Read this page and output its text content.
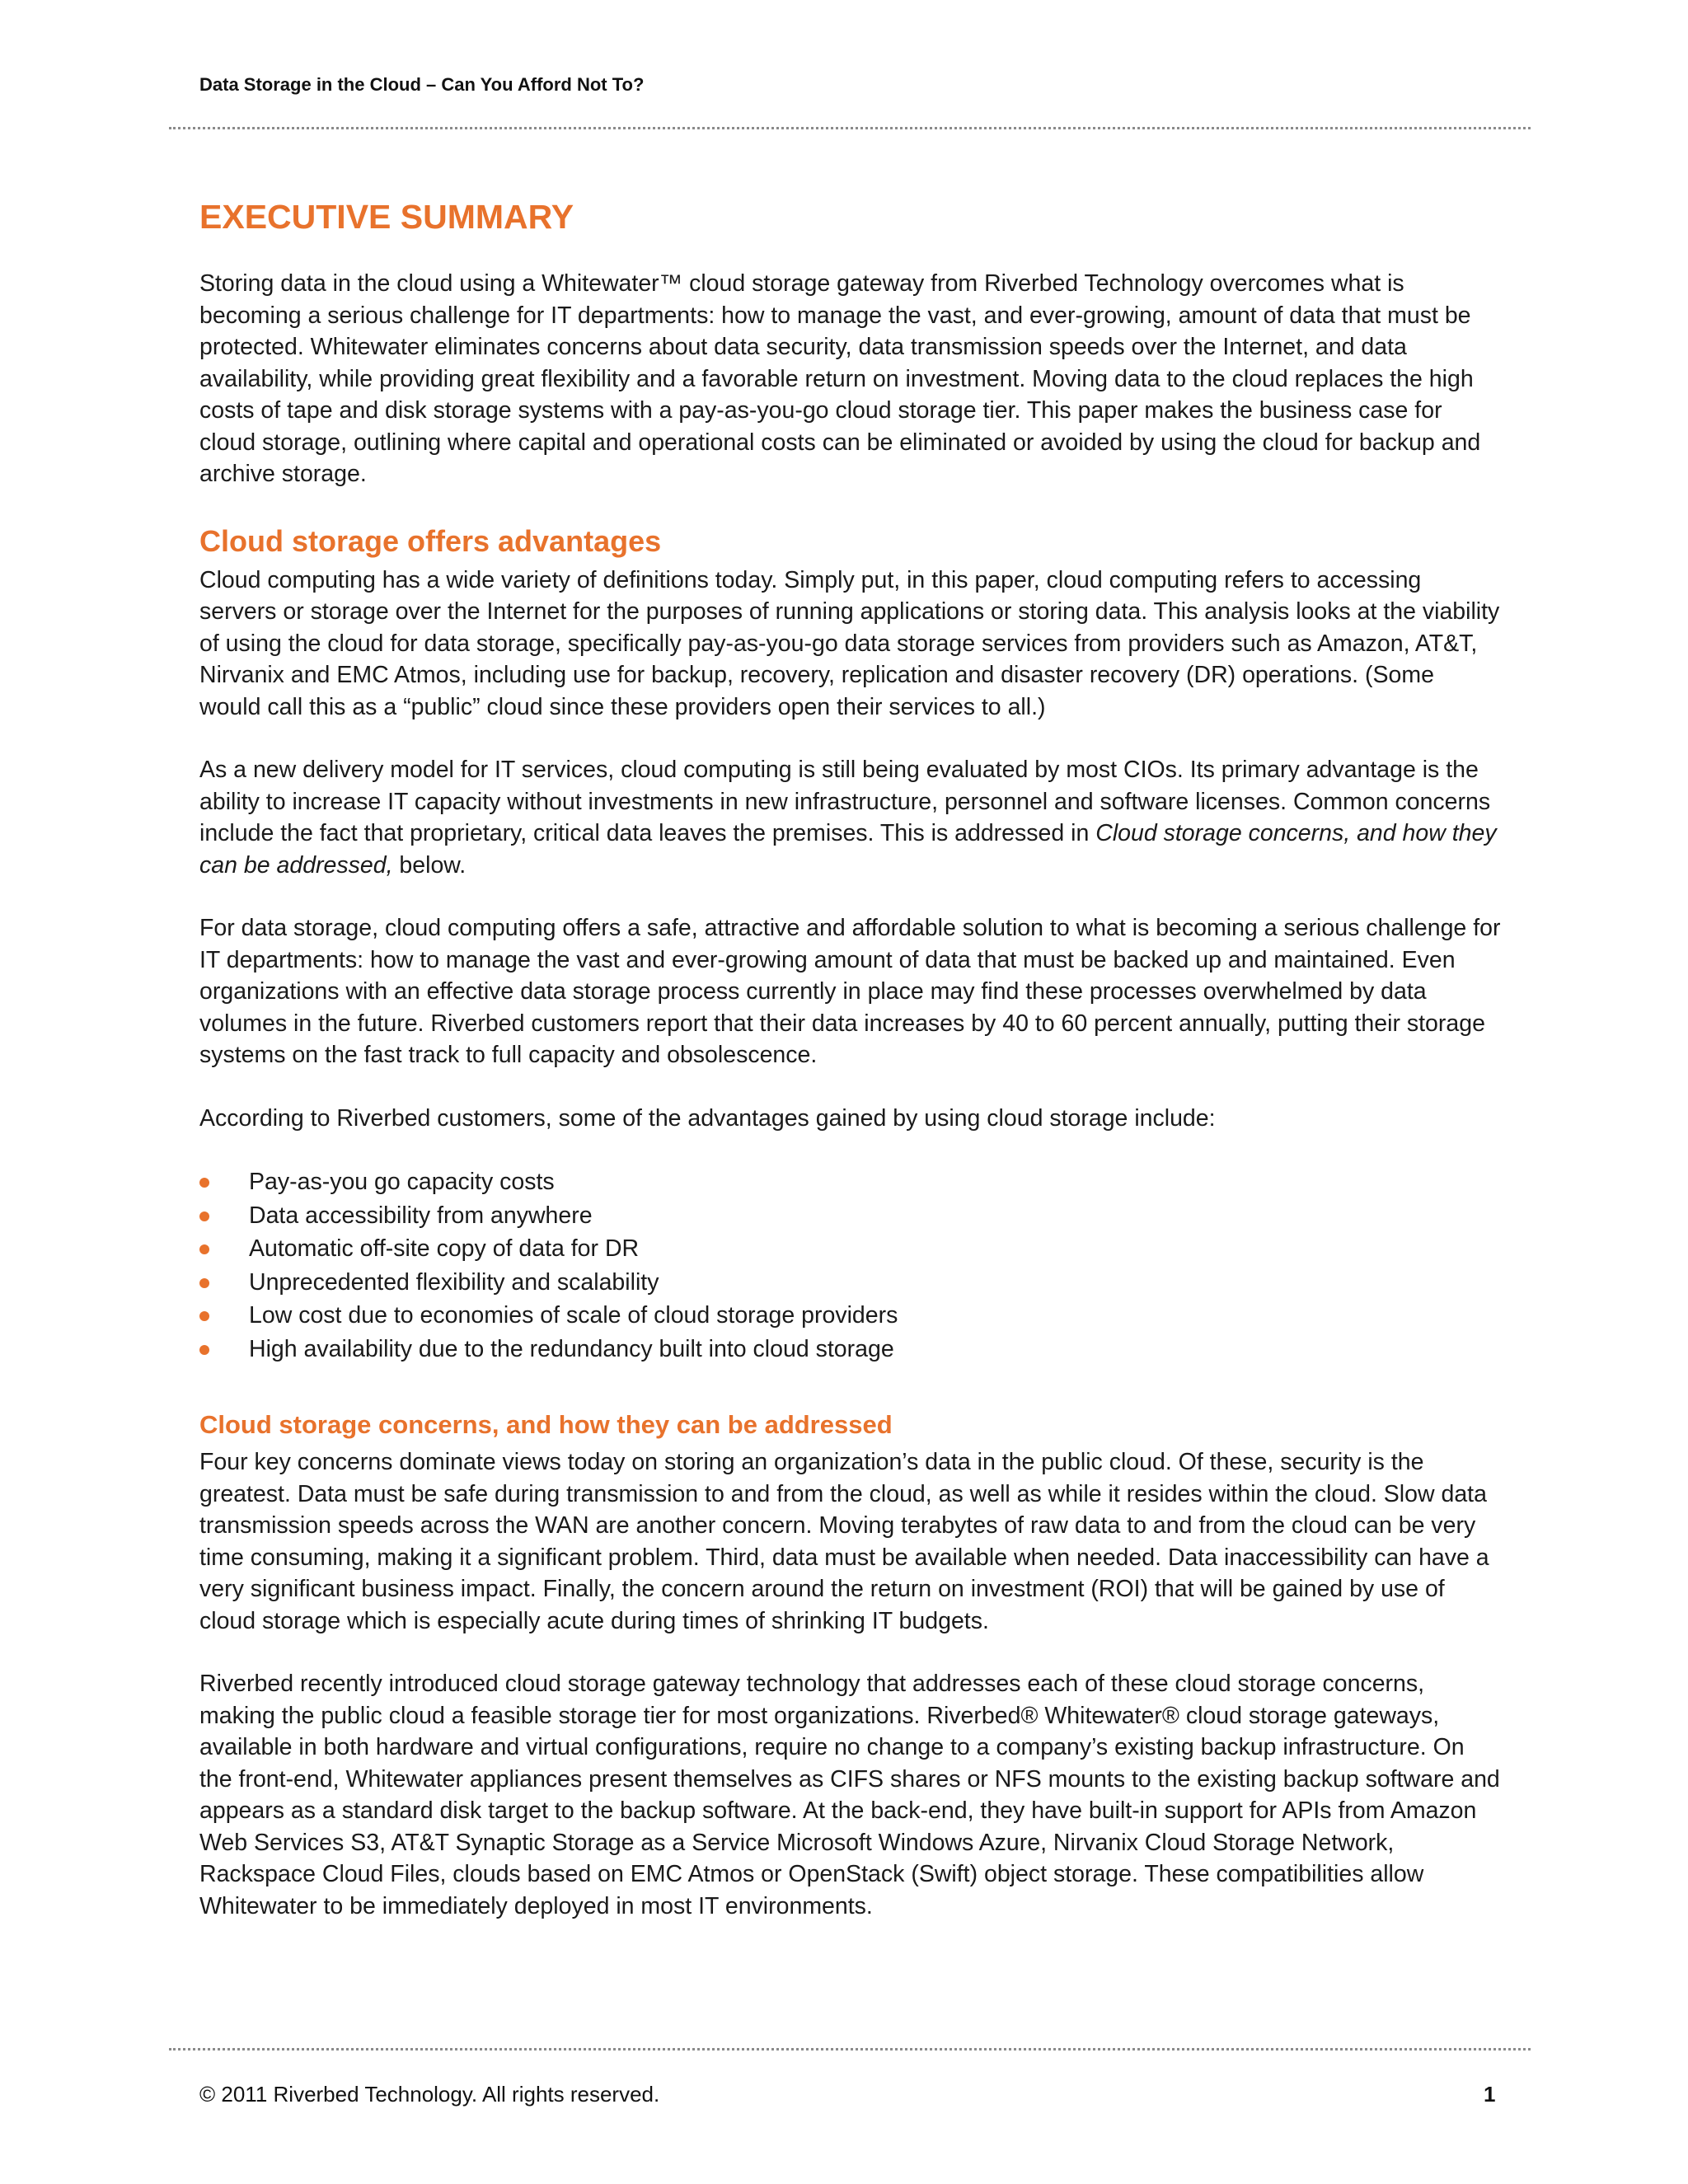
Data Storage in the Cloud – Can You Afford Not To?
EXECUTIVE SUMMARY

Storing data in the cloud using a Whitewater™ cloud storage gateway from Riverbed Technology overcomes what is becoming a serious challenge for IT departments: how to manage the vast, and ever-growing, amount of data that must be protected. Whitewater eliminates concerns about data security, data transmission speeds over the Internet, and data availability, while providing great flexibility and a favorable return on investment. Moving data to the cloud replaces the high costs of tape and disk storage systems with a pay-as-you-go cloud storage tier. This paper makes the business case for cloud storage, outlining where capital and operational costs can be eliminated or avoided by using the cloud for backup and archive storage.

Cloud storage offers advantages

Cloud computing has a wide variety of definitions today. Simply put, in this paper, cloud computing refers to accessing servers or storage over the Internet for the purposes of running applications or storing data. This analysis looks at the viability of using the cloud for data storage, specifically pay-as-you-go data storage services from providers such as Amazon, AT&T, Nirvanix and EMC Atmos, including use for backup, recovery, replication and disaster recovery (DR) operations. (Some would call this as a “public” cloud since these providers open their services to all.)

As a new delivery model for IT services, cloud computing is still being evaluated by most CIOs. Its primary advantage is the ability to increase IT capacity without investments in new infrastructure, personnel and software licenses. Common concerns include the fact that proprietary, critical data leaves the premises. This is addressed in Cloud storage concerns, and how they can be addressed, below.

For data storage, cloud computing offers a safe, attractive and affordable solution to what is becoming a serious challenge for IT departments: how to manage the vast and ever-growing amount of data that must be backed up and maintained. Even organizations with an effective data storage process currently in place may find these processes overwhelmed by data volumes in the future. Riverbed customers report that their data increases by 40 to 60 percent annually, putting their storage systems on the fast track to full capacity and obsolescence.

According to Riverbed customers, some of the advantages gained by using cloud storage include:

Pay-as-you go capacity costs
Data accessibility from anywhere
Automatic off-site copy of data for DR
Unprecedented flexibility and scalability
Low cost due to economies of scale of cloud storage providers
High availability due to the redundancy built into cloud storage
Cloud storage concerns, and how they can be addressed

Four key concerns dominate views today on storing an organization’s data in the public cloud. Of these, security is the greatest. Data must be safe during transmission to and from the cloud, as well as while it resides within the cloud. Slow data transmission speeds across the WAN are another concern. Moving terabytes of raw data to and from the cloud can be very time consuming, making it a significant problem. Third, data must be available when needed. Data inaccessibility can have a very significant business impact. Finally, the concern around the return on investment (ROI) that will be gained by use of cloud storage which is especially acute during times of shrinking IT budgets.

Riverbed recently introduced cloud storage gateway technology that addresses each of these cloud storage concerns, making the public cloud a feasible storage tier for most organizations. Riverbed® Whitewater® cloud storage gateways, available in both hardware and virtual configurations, require no change to a company’s existing backup infrastructure. On the front-end, Whitewater appliances present themselves as CIFS shares or NFS mounts to the existing backup software and appears as a standard disk target to the backup software. At the back-end, they have built-in support for APIs from Amazon Web Services S3, AT&T Synaptic Storage as a Service Microsoft Windows Azure, Nirvanix Cloud Storage Network, Rackspace Cloud Files, clouds based on EMC Atmos or OpenStack (Swift) object storage. These compatibilities allow Whitewater to be immediately deployed in most IT environments.

© 2011 Riverbed Technology. All rights reserved.	1
